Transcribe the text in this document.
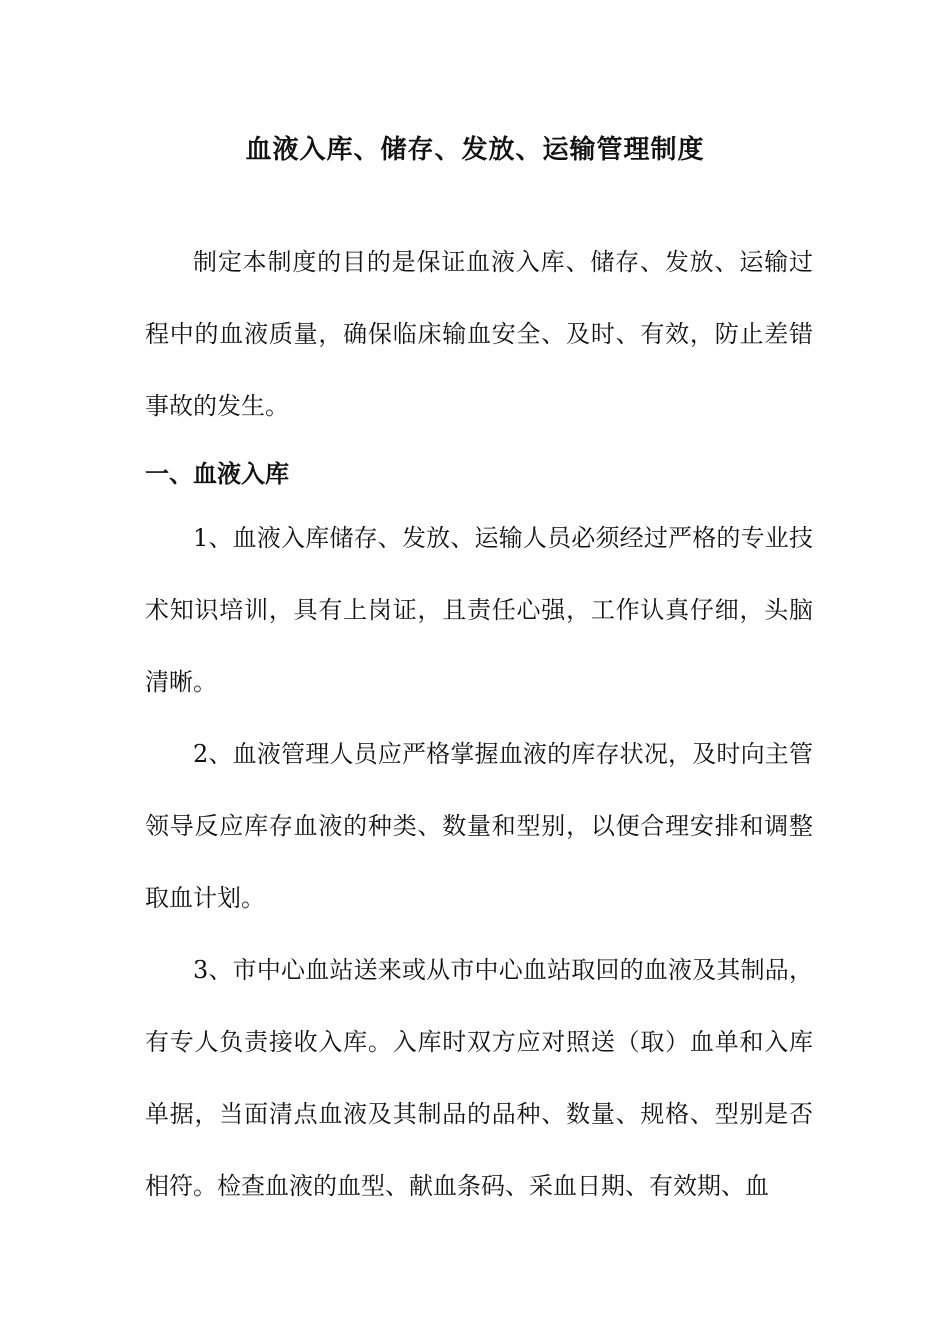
血液入库、储存、发放、运输管理制度

制定本制度的目的是保证血液入库、储存、发放、运输过程中的血液质量，确保临床输血安全、及时、有效，防止差错事故的发生。

一、血液入库

1、血液入库储存、发放、运输人员必须经过严格的专业技术知识培训，具有上岗证，且责任心强，工作认真仔细，头脑清晰。

2、血液管理人员应严格掌握血液的库存状况，及时向主管领导反应库存血液的种类、数量和型别，以便合理安排和调整取血计划。

3、市中心血站送来或从市中心血站取回的血液及其制品，有专人负责接收入库。入库时双方应对照送（取）血单和入库单据，当面清点血液及其制品的品种、数量、规格、型别是否相符。检查血液的血型、献血条码、采血日期、有效期、血
